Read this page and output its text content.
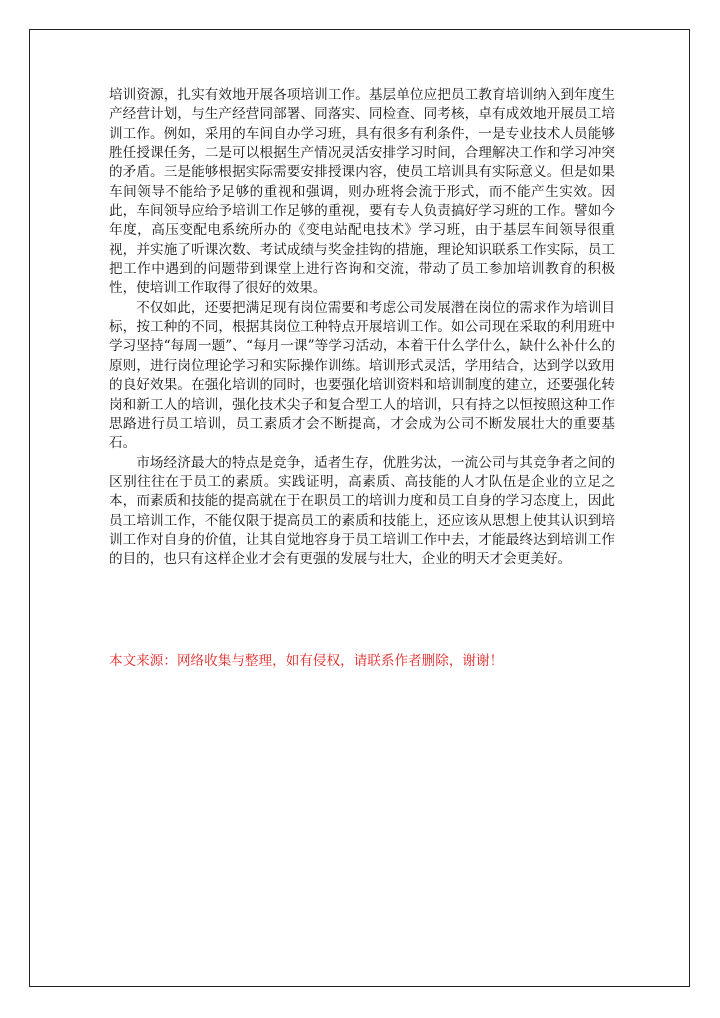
培训资源，扎实有效地开展各项培训工作。基层单位应把员工教育培训纳入到年度生产经营计划，与生产经营同部署、同落实、同检查、同考核，卓有成效地开展员工培训工作。例如，采用的车间自办学习班，具有很多有利条件，一是专业技术人员能够胜任授课任务，二是可以根据生产情况灵活安排学习时间，合理解决工作和学习冲突的矛盾。三是能够根据实际需要安排授课内容，使员工培训具有实际意义。但是如果车间领导不能给予足够的重视和强调，则办班将会流于形式，而不能产生实效。因此，车间领导应给予培训工作足够的重视，要有专人负责搞好学习班的工作。譬如今年度，高压变配电系统所办的《变电站配电技术》学习班，由于基层车间领导很重视，并实施了听课次数、考试成绩与奖金挂钩的措施，理论知识联系工作实际，员工把工作中遇到的问题带到课堂上进行咨询和交流，带动了员工参加培训教育的积极性，使培训工作取得了很好的效果。

不仅如此，还要把满足现有岗位需要和考虑公司发展潜在岗位的需求作为培训目标，按工种的不同，根据其岗位工种特点开展培训工作。如公司现在采取的利用班中学习坚持“每周一题”、“每月一课”等学习活动，本着干什么学什么，缺什么补什么的原则，进行岗位理论学习和实际操作训练。培训形式灵活，学用结合，达到学以致用的良好效果。在强化培训的同时，也要强化培训资料和培训制度的建立，还要强化转岗和新工人的培训，强化技术尖子和复合型工人的培训，只有持之以恒按照这种工作思路进行员工培训，员工素质才会不断提高，才会成为公司不断发展壮大的重要基石。

市场经济最大的特点是竞争，适者生存，优胜劣汰，一流公司与其竞争者之间的区别往往在于员工的素质。实践证明，高素质、高技能的人才队伍是企业的立足之本，而素质和技能的提高就在于在职员工的培训力度和员工自身的学习态度上，因此员工培训工作，不能仅限于提高员工的素质和技能上，还应该从思想上使其认识到培训工作对自身的价值，让其自觉地容身于员工培训工作中去，才能最终达到培训工作的目的，也只有这样企业才会有更强的发展与壮大，企业的明天才会更美好。

本文来源：网络收集与整理，如有侵权，请联系作者删除，谢谢！
